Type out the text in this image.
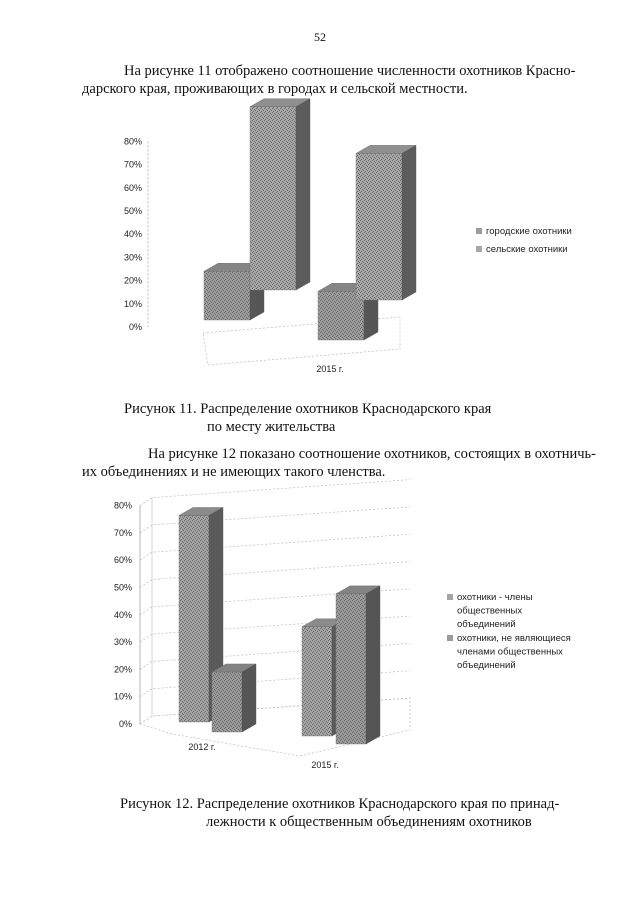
52

На рисунке 11 отображено соотношение численности охотников Красно-

дарского края, проживающих в городах и сельской местности.

0%
10%
20%
30%
40%
50%
60%
70%
80%
2015 г.
городские охотники
сельские охотники

Рисунок 11. Распределение охотников Краснодарского края

по месту жительства

На рисунке 12 показано соотношение охотников, состоящих в охотничь-

их объединениях и не имеющих такого членства.

0%
10%
20%
30%
40%
50%
60%
70%
80%
2012 г.
2015 г.
охотники - члены
общественных
объединений
охотники, не являющиеся
членами общественных
объединений

Рисунок 12. Распределение охотников Краснодарского края по принад-

лежности к общественным объединениям охотников
